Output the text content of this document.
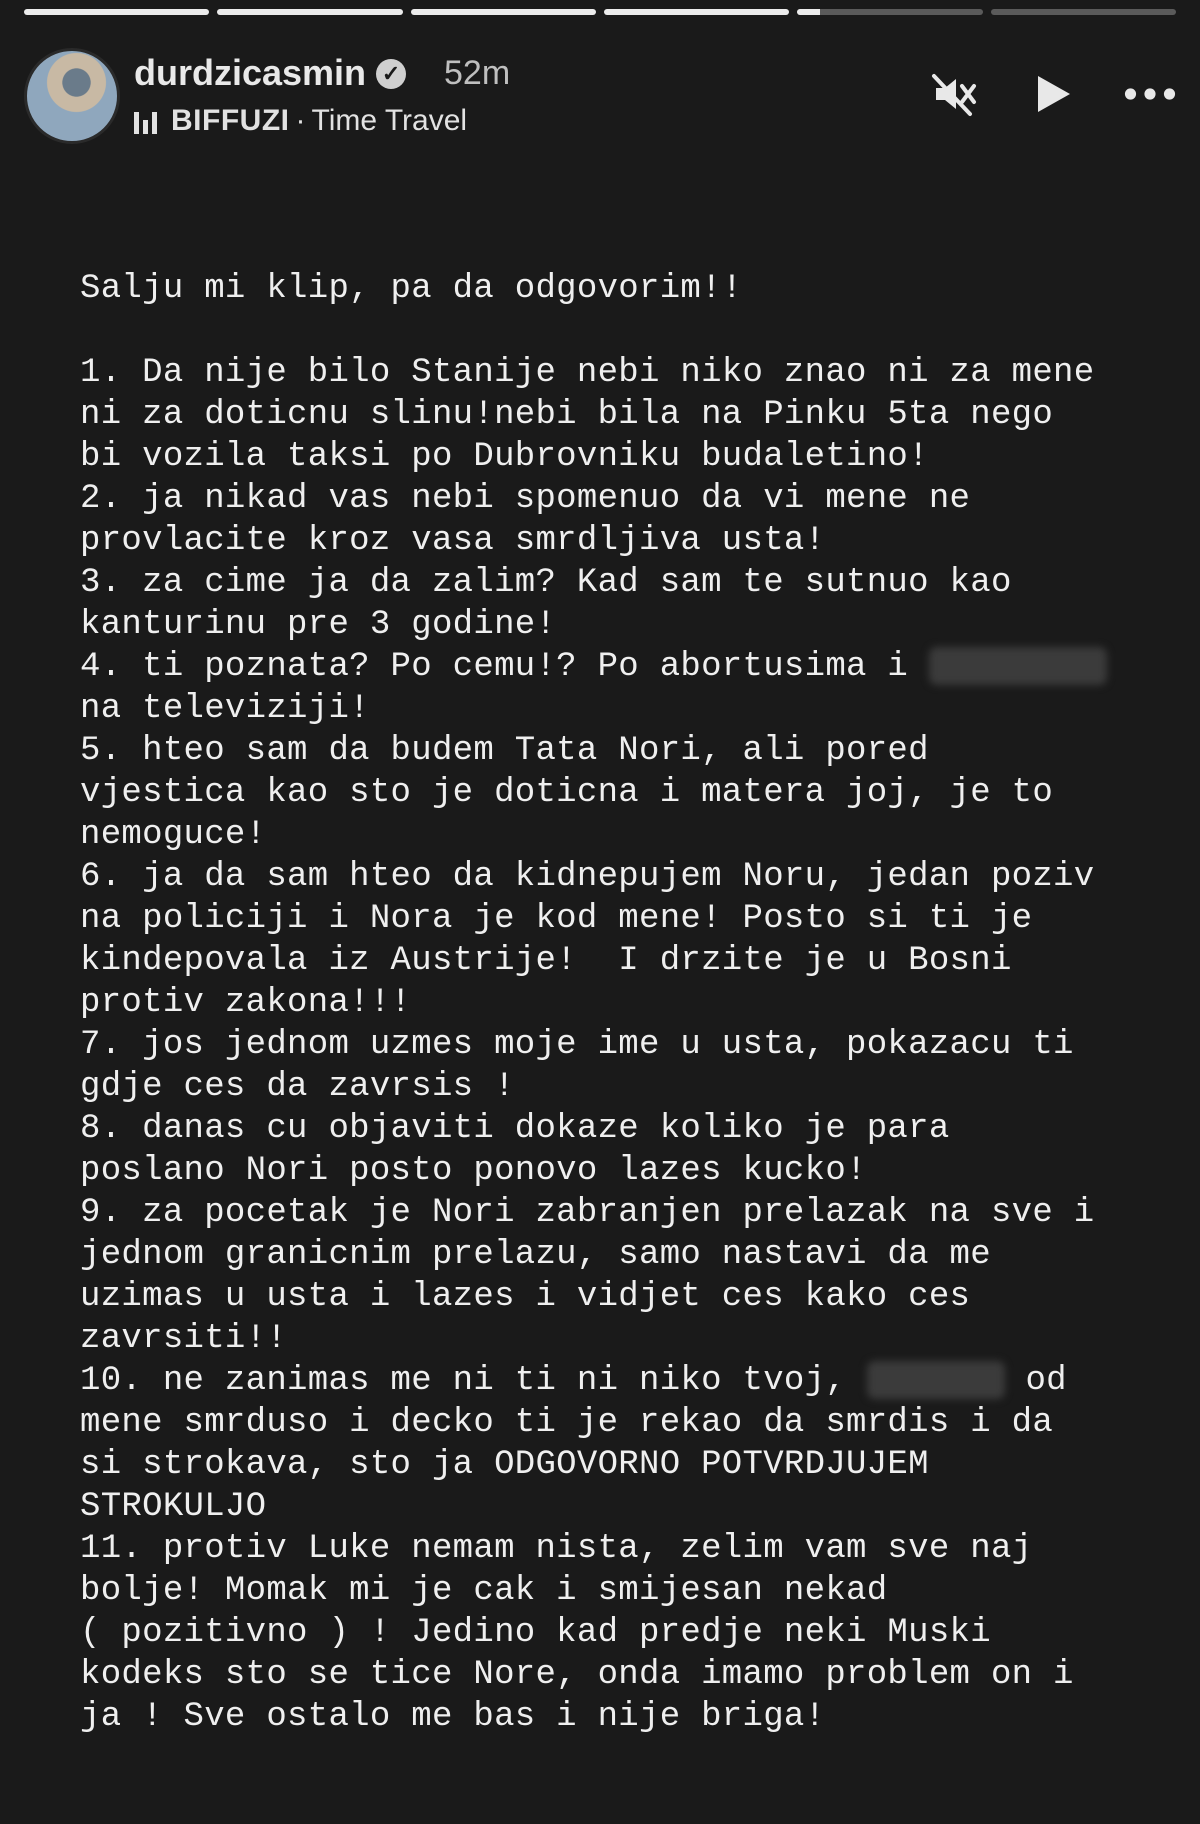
durdzicasmin ✓ 52m
BIFFUZI · Time Travel
Salju mi klip, pa da odgovorim!!

1. Da nije bilo Stanije nebi niko znao ni za mene
ni za doticnu slinu!nebi bila na Pinku 5ta nego
bi vozila taksi po Dubrovniku budaletino!
2. ja nikad vas nebi spomenuo da vi mene ne
provlacite kroz vasa smrdljiva usta!
3. za cime ja da zalim? Kad sam te sutnuo kao
kanturinu pre 3 godine!
4. ti poznata? Po cemu!? Po abortusima i
na televiziji!
5. hteo sam da budem Tata Nori, ali pored
vjestica kao sto je doticna i matera joj, je to
nemoguce!
6. ja da sam hteo da kidnepujem Noru, jedan poziv
na policiji i Nora je kod mene! Posto si ti je
kindepovala iz Austrije!  I drzite je u Bosni
protiv zakona!!!
7. jos jednom uzmes moje ime u usta, pokazacu ti
gdje ces da zavrsis !
8. danas cu objaviti dokaze koliko je para
poslano Nori posto ponovo lazes kucko!
9. za pocetak je Nori zabranjen prelazak na sve i
jednom granicnim prelazu, samo nastavi da me
uzimas u usta i lazes i vidjet ces kako ces
zavrsiti!!
10. ne zanimas me ni ti ni niko tvoj,	od
mene smrduso i decko ti je rekao da smrdis i da
si strokava, sto ja ODGOVORNO POTVRDJUJEM
STROKULJO
11. protiv Luke nemam nista, zelim vam sve naj
bolje! Momak mi je cak i smijesan nekad
( pozitivno ) ! Jedino kad predje neki Muski
kodeks sto se tice Nore, onda imamo problem on i
ja ! Sve ostalo me bas i nije briga!
